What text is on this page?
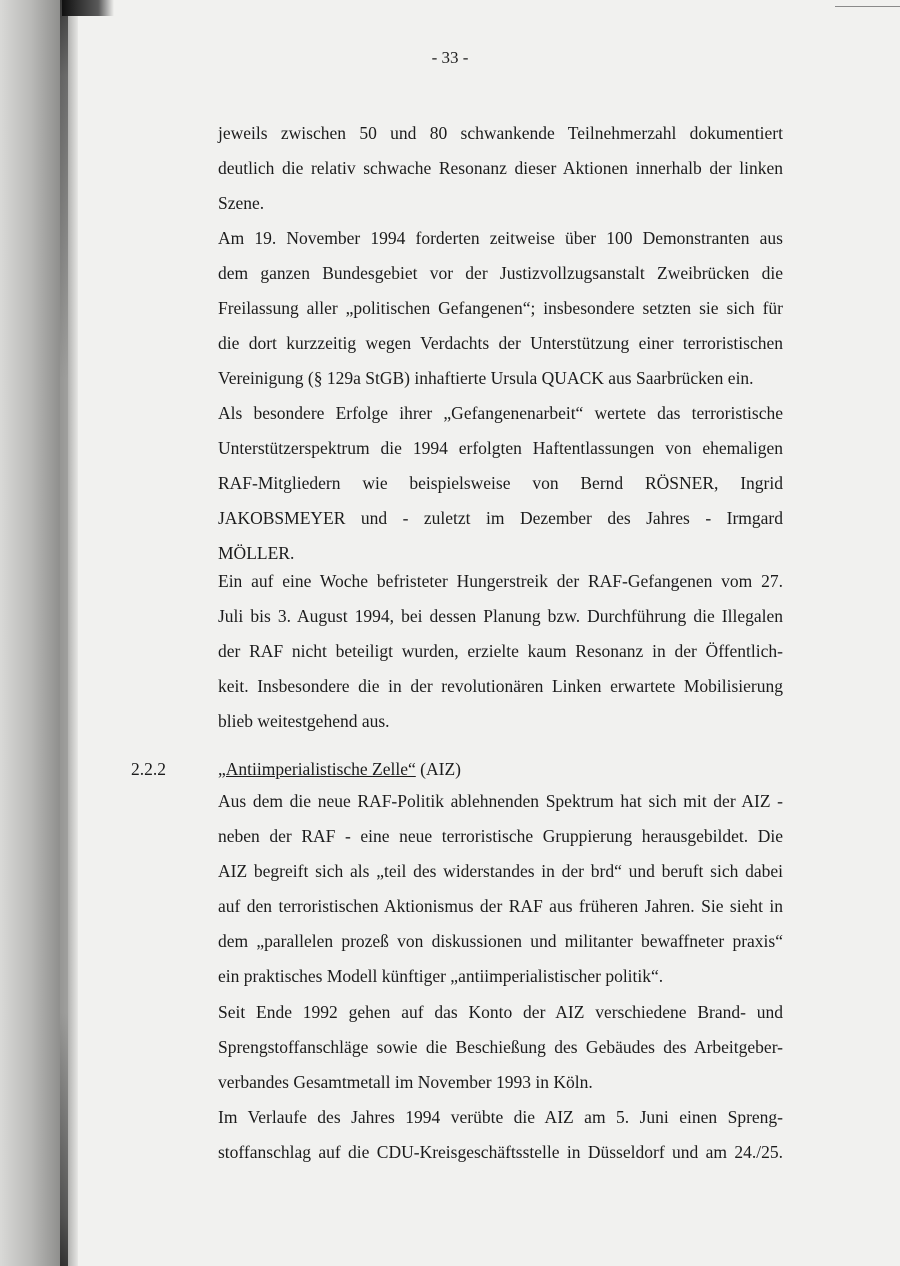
- 33 -
jeweils zwischen 50 und 80 schwankende Teilnehmerzahl dokumentiert
deutlich die relativ schwache Resonanz dieser Aktionen innerhalb der linken
Szene.
Am 19. November 1994 forderten zeitweise über 100 Demonstranten aus
dem ganzen Bundesgebiet vor der Justizvollzugsanstalt Zweibrücken die
Freilassung aller „politischen Gefangenen“; insbesondere setzten sie sich für
die dort kurzzeitig wegen Verdachts der Unterstützung einer terroristischen
Vereinigung (§ 129a StGB) inhaftierte Ursula QUACK aus Saarbrücken ein.
Als besondere Erfolge ihrer „Gefangenenarbeit“ wertete das terroristische
Unterstützerspektrum die 1994 erfolgten Haftentlassungen von ehemaligen
RAF-Mitgliedern wie beispielsweise von Bernd RÖSNER, Ingrid
JAKOBSMEYER und - zuletzt im Dezember des Jahres - Irmgard
MÖLLER.
Ein auf eine Woche befristeter Hungerstreik der RAF-Gefangenen vom 27.
Juli bis 3. August 1994, bei dessen Planung bzw. Durchführung die Illegalen
der RAF nicht beteiligt wurden, erzielte kaum Resonanz in der Öffentlich-
keit. Insbesondere die in der revolutionären Linken erwartete Mobilisierung
blieb weitestgehend aus.
2.2.2	„Antiimperialistische Zelle“ (AIZ)
Aus dem die neue RAF-Politik ablehnenden Spektrum hat sich mit der AIZ -
neben der RAF - eine neue terroristische Gruppierung herausgebildet. Die
AIZ begreift sich als „teil des widerstandes in der brd“ und beruft sich dabei
auf den terroristischen Aktionismus der RAF aus früheren Jahren. Sie sieht in
dem „parallelen prozeß von diskussionen und militanter bewaffneter praxis“
ein praktisches Modell künftiger „antiimperialistischer politik“.
Seit Ende 1992 gehen auf das Konto der AIZ verschiedene Brand- und
Sprengstoffanschläge sowie die Beschießung des Gebäudes des Arbeitgeber-
verbandes Gesamtmetall im November 1993 in Köln.
Im Verlaufe des Jahres 1994 verübte die AIZ am 5. Juni einen Spreng-
stoffanschlag auf die CDU-Kreisgeschäftsstelle in Düsseldorf und am 24./25.
